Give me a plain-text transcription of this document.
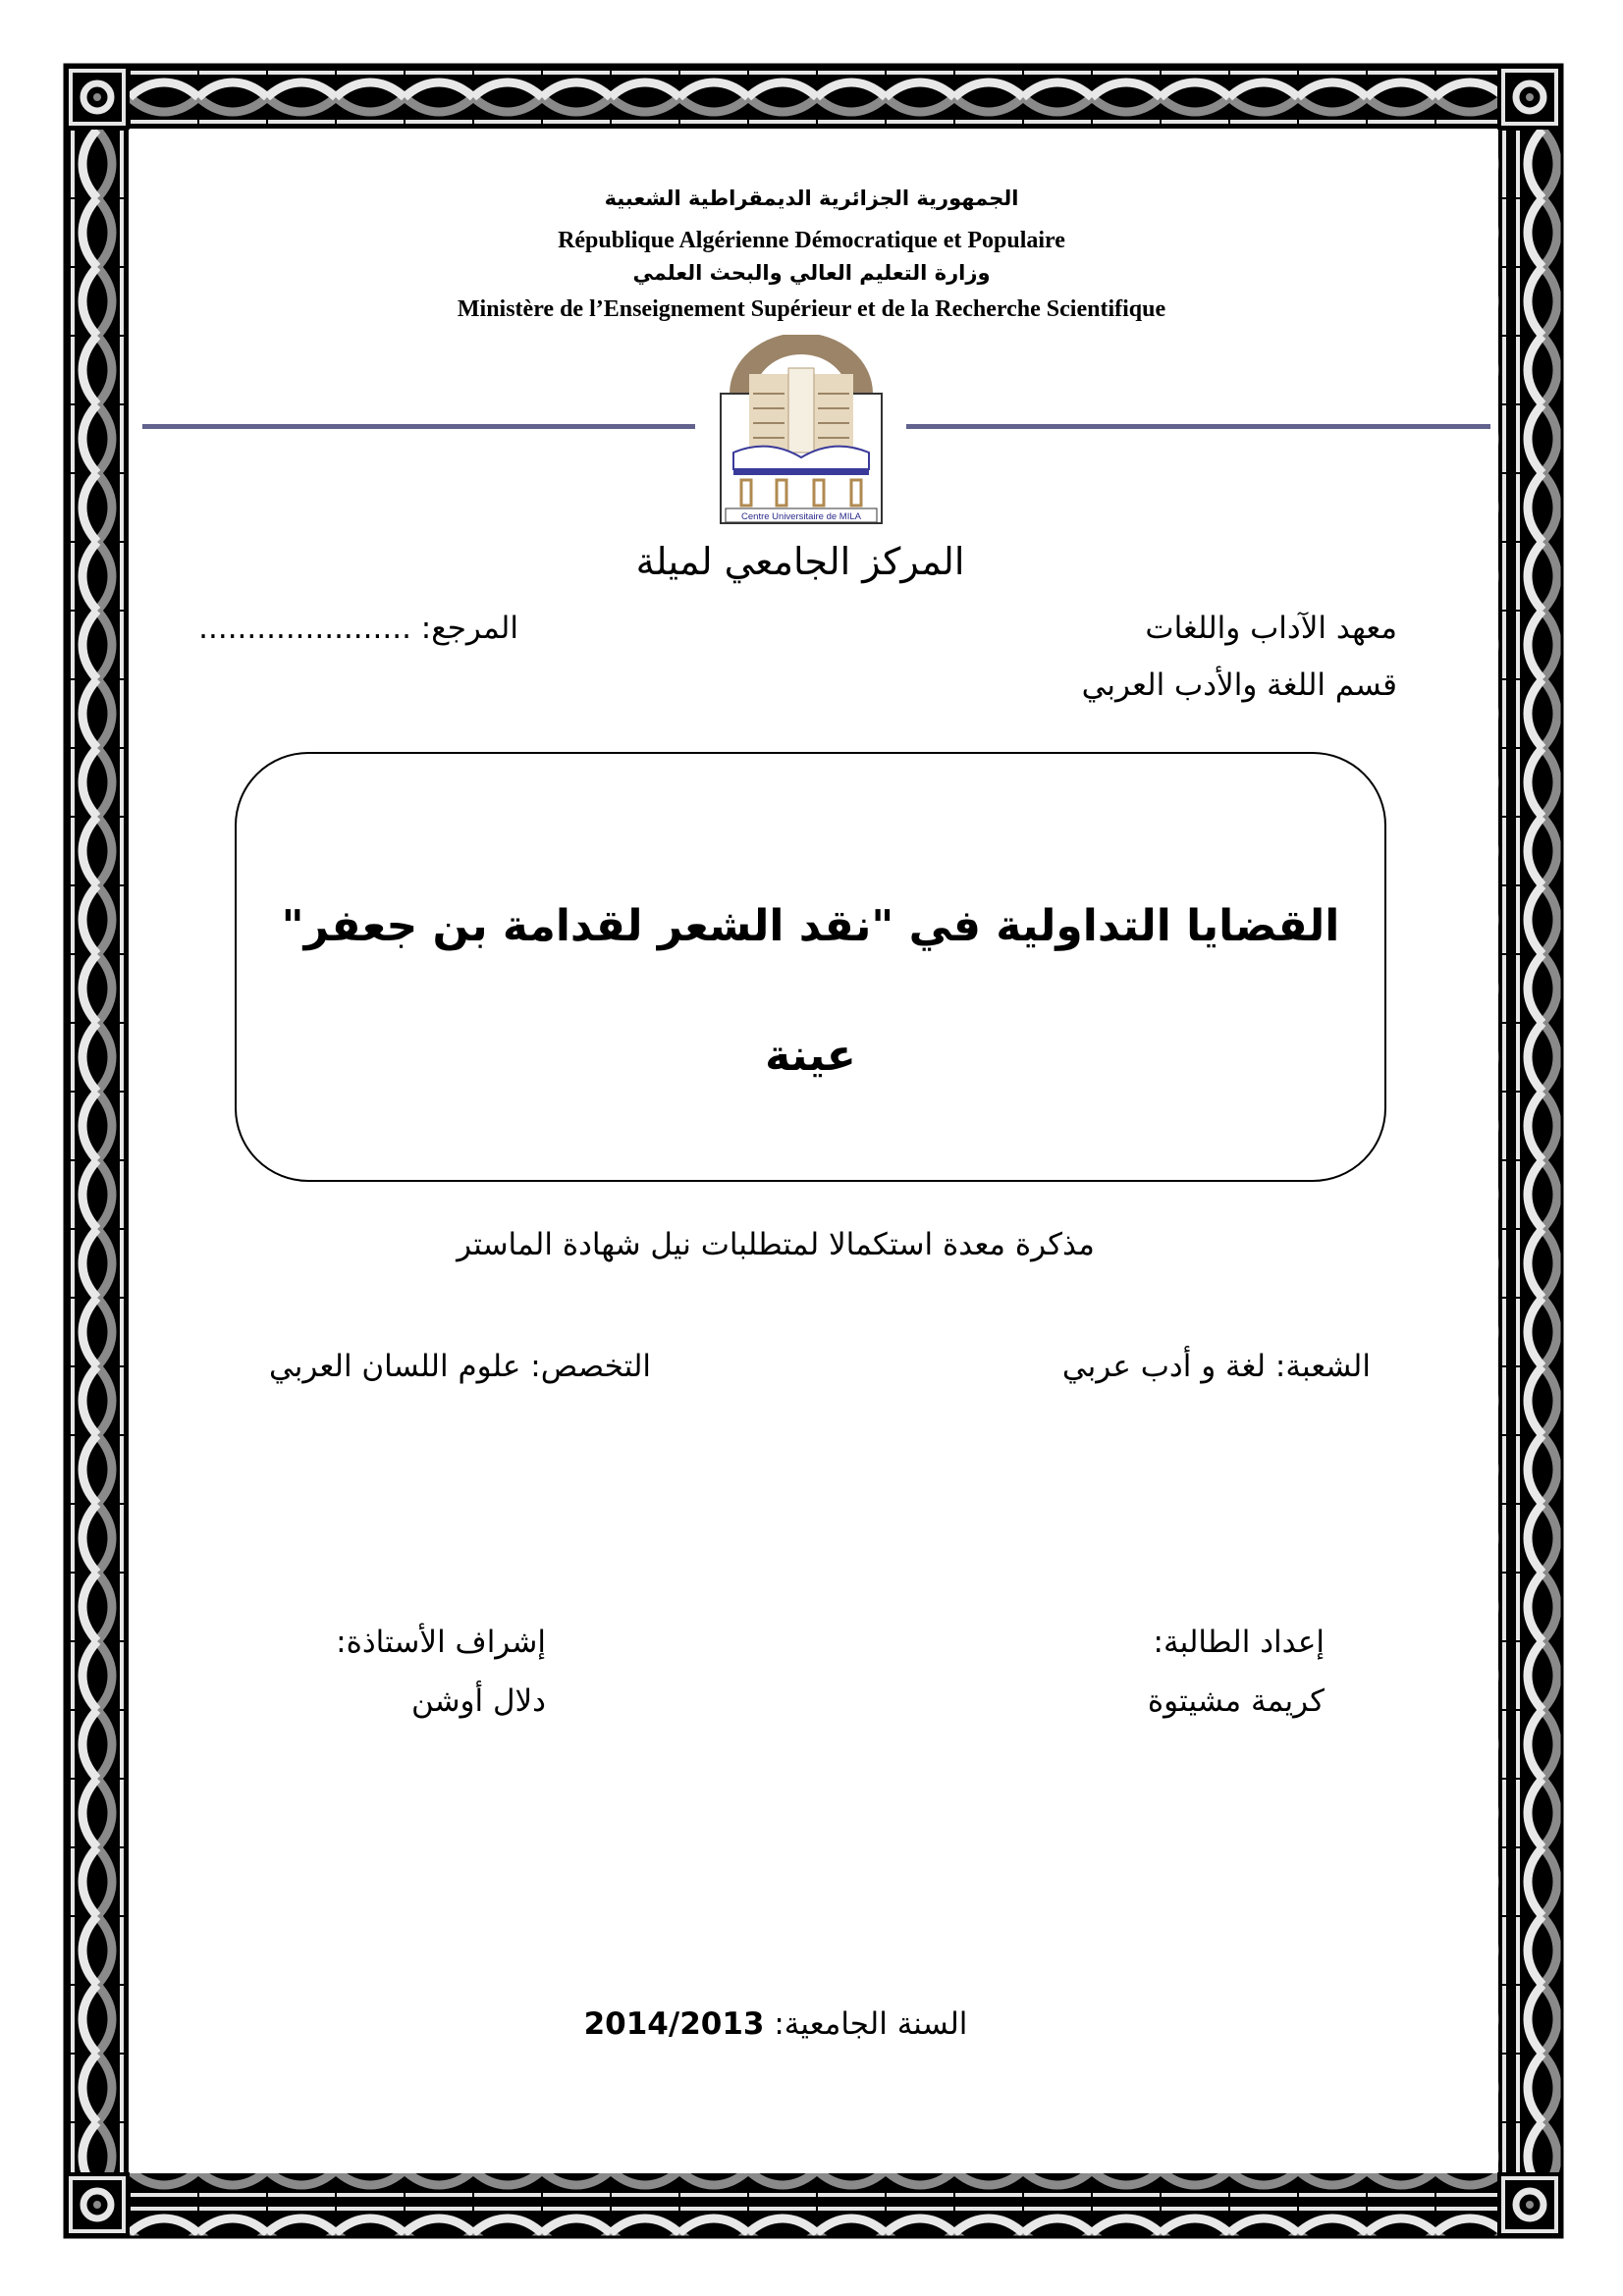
الجمهورية الجزائرية الديمقراطية الشعبية
République Algérienne Démocratique et Populaire
وزارة التعليم العالي والبحث العلمي
Ministère de l’Enseignement Supérieur et de la Recherche Scientifique
Centre Universitaire de MILA
المركز الجامعي لميلة
معهد الآداب واللغات
قسم اللغة والأدب العربي
المرجع: ......................
القضايا التداولية في "نقد الشعر لقدامة بن جعفر"
عينة
مذكرة معدة استكمالا لمتطلبات نيل شهادة الماستر
الشعبة: لغة و أدب عربي
التخصص: علوم اللسان العربي
إعداد الطالبة:
كريمة مشيتوة
إشراف الأستاذة:
دلال أوشن
السنة الجامعية: 2014/2013
